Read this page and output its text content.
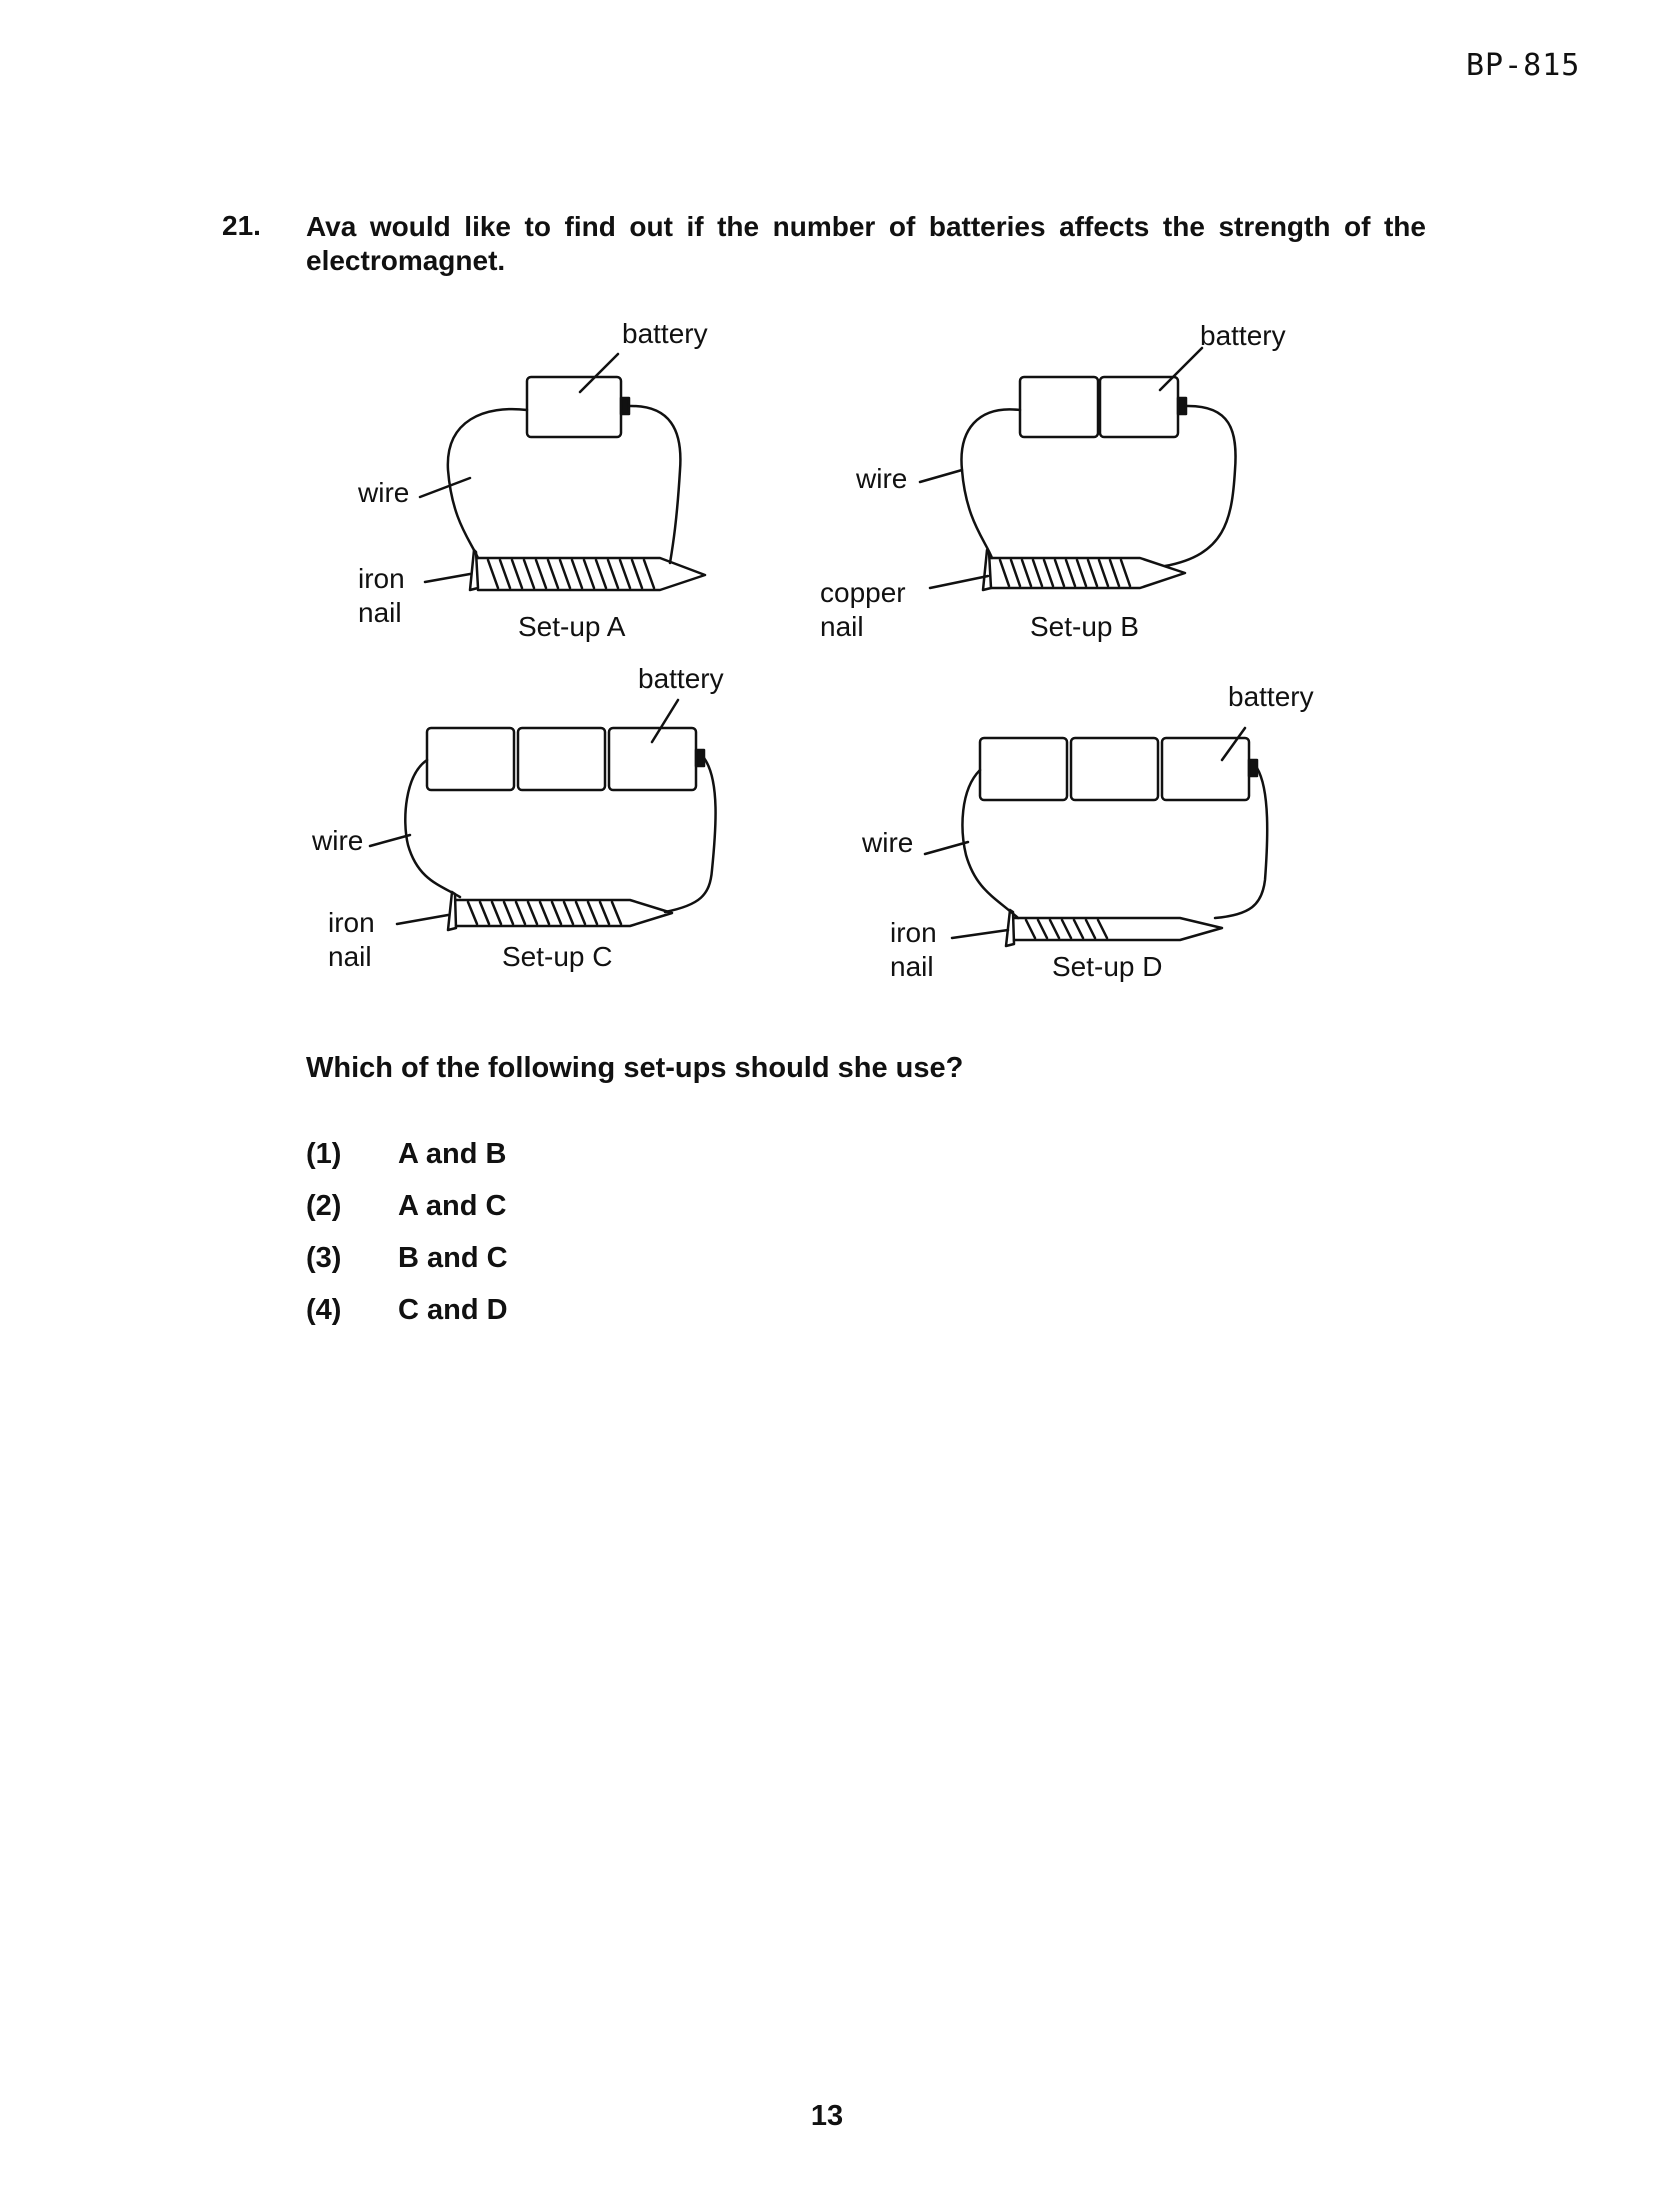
BP-815
21. Ava would like to find out if the number of batteries affects the strength of the electromagnet.
battery
wire
iron
nail	Set-up A
battery
wire
copper
nail	Set-up B
battery
wire
iron
nail	Set-up C
battery
wire
iron
nail	Set-up D
Which of the following set-ups should she use?
(1) A and B
(2) A and C
(3) B and C
(4) C and D
13
